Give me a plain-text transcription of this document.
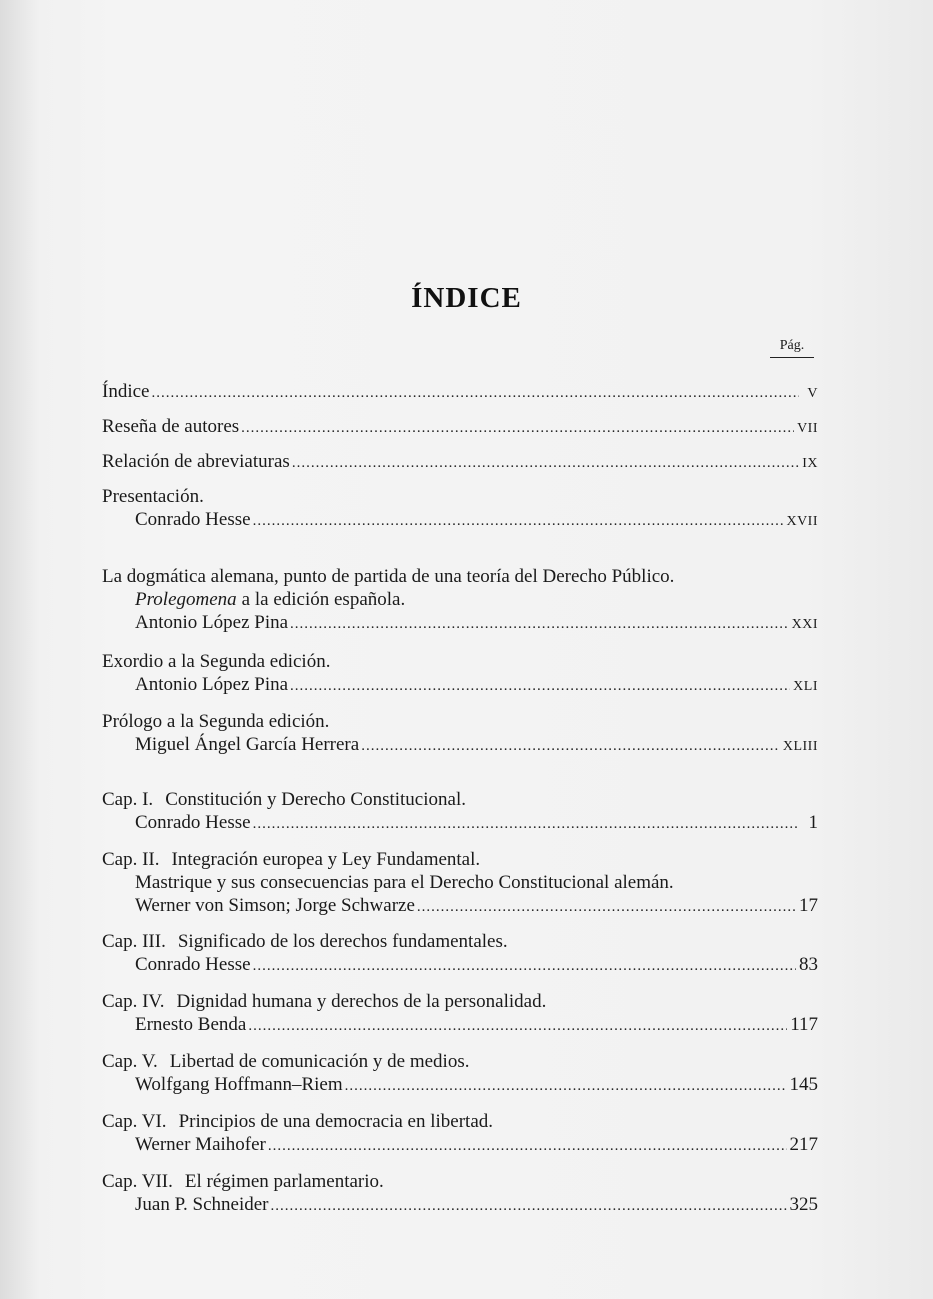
ÍNDICE
Pág.
Índice .....	V
Reseña de autores .....	VII
Relación de abreviaturas .....	IX
Presentación.
Conrado Hesse .....	XVII
La dogmática alemana, punto de partida de una teoría del Derecho Público.
Prolegomena a la edición española.
Antonio López Pina .....	XXI
Exordio a la Segunda edición.
Antonio López Pina .....	XLI
Prólogo a la Segunda edición.
Miguel Ángel García Herrera .....	XLIII
Cap. I. Constitución y Derecho Constitucional.
Conrado Hesse .....	1
Cap. II. Integración europea y Ley Fundamental.
Mastrique y sus consecuencias para el Derecho Constitucional alemán.
Werner von Simson; Jorge Schwarze .....	17
Cap. III. Significado de los derechos fundamentales.
Conrado Hesse .....	83
Cap. IV. Dignidad humana y derechos de la personalidad.
Ernesto Benda .....	117
Cap. V. Libertad de comunicación y de medios.
Wolfgang Hoffmann–Riem .....	145
Cap. VI. Principios de una democracia en libertad.
Werner Maihofer .....	217
Cap. VII. El régimen parlamentario.
Juan P. Schneider .....	325
